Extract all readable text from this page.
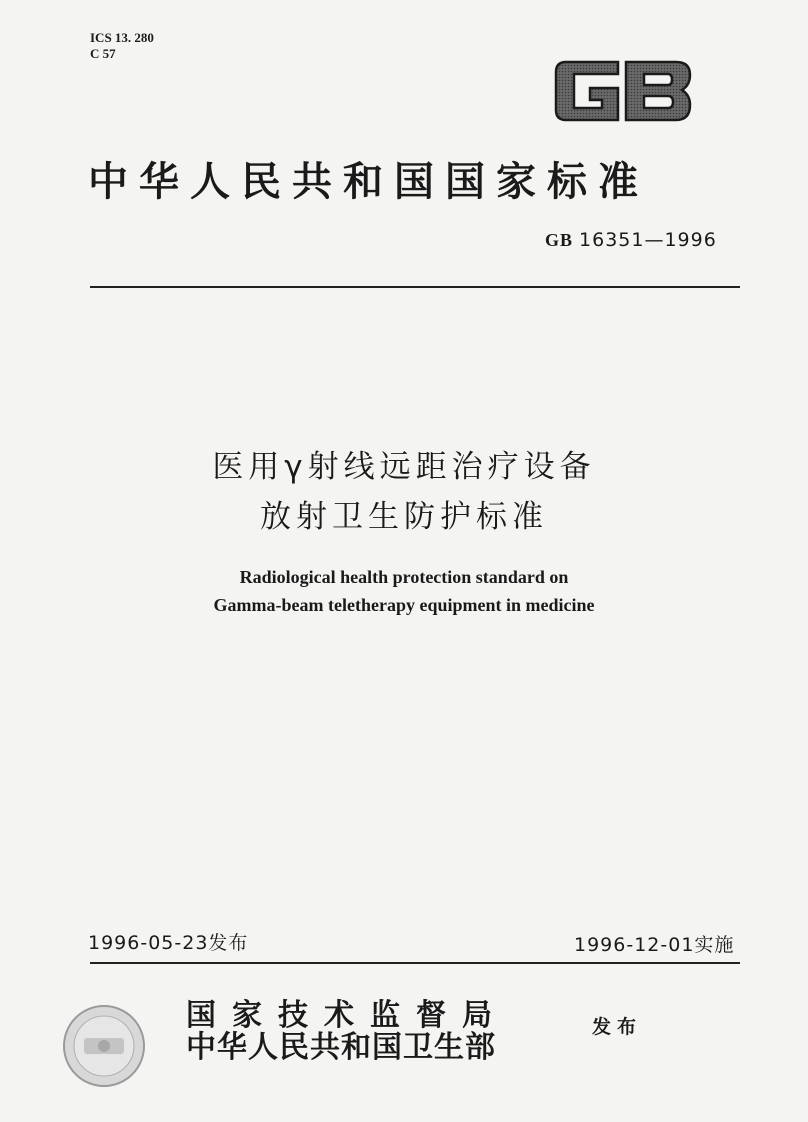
ICS 13. 280
C 57
中华人民共和国国家标准
GB 16351—1996
医用γ射线远距治疗设备
放射卫生防护标准
Radiological health protection standard on
Gamma-beam teletherapy equipment in medicine
1996-05-23发布	1996-12-01实施
国家技术监督局
中华人民共和国卫生部
发布
